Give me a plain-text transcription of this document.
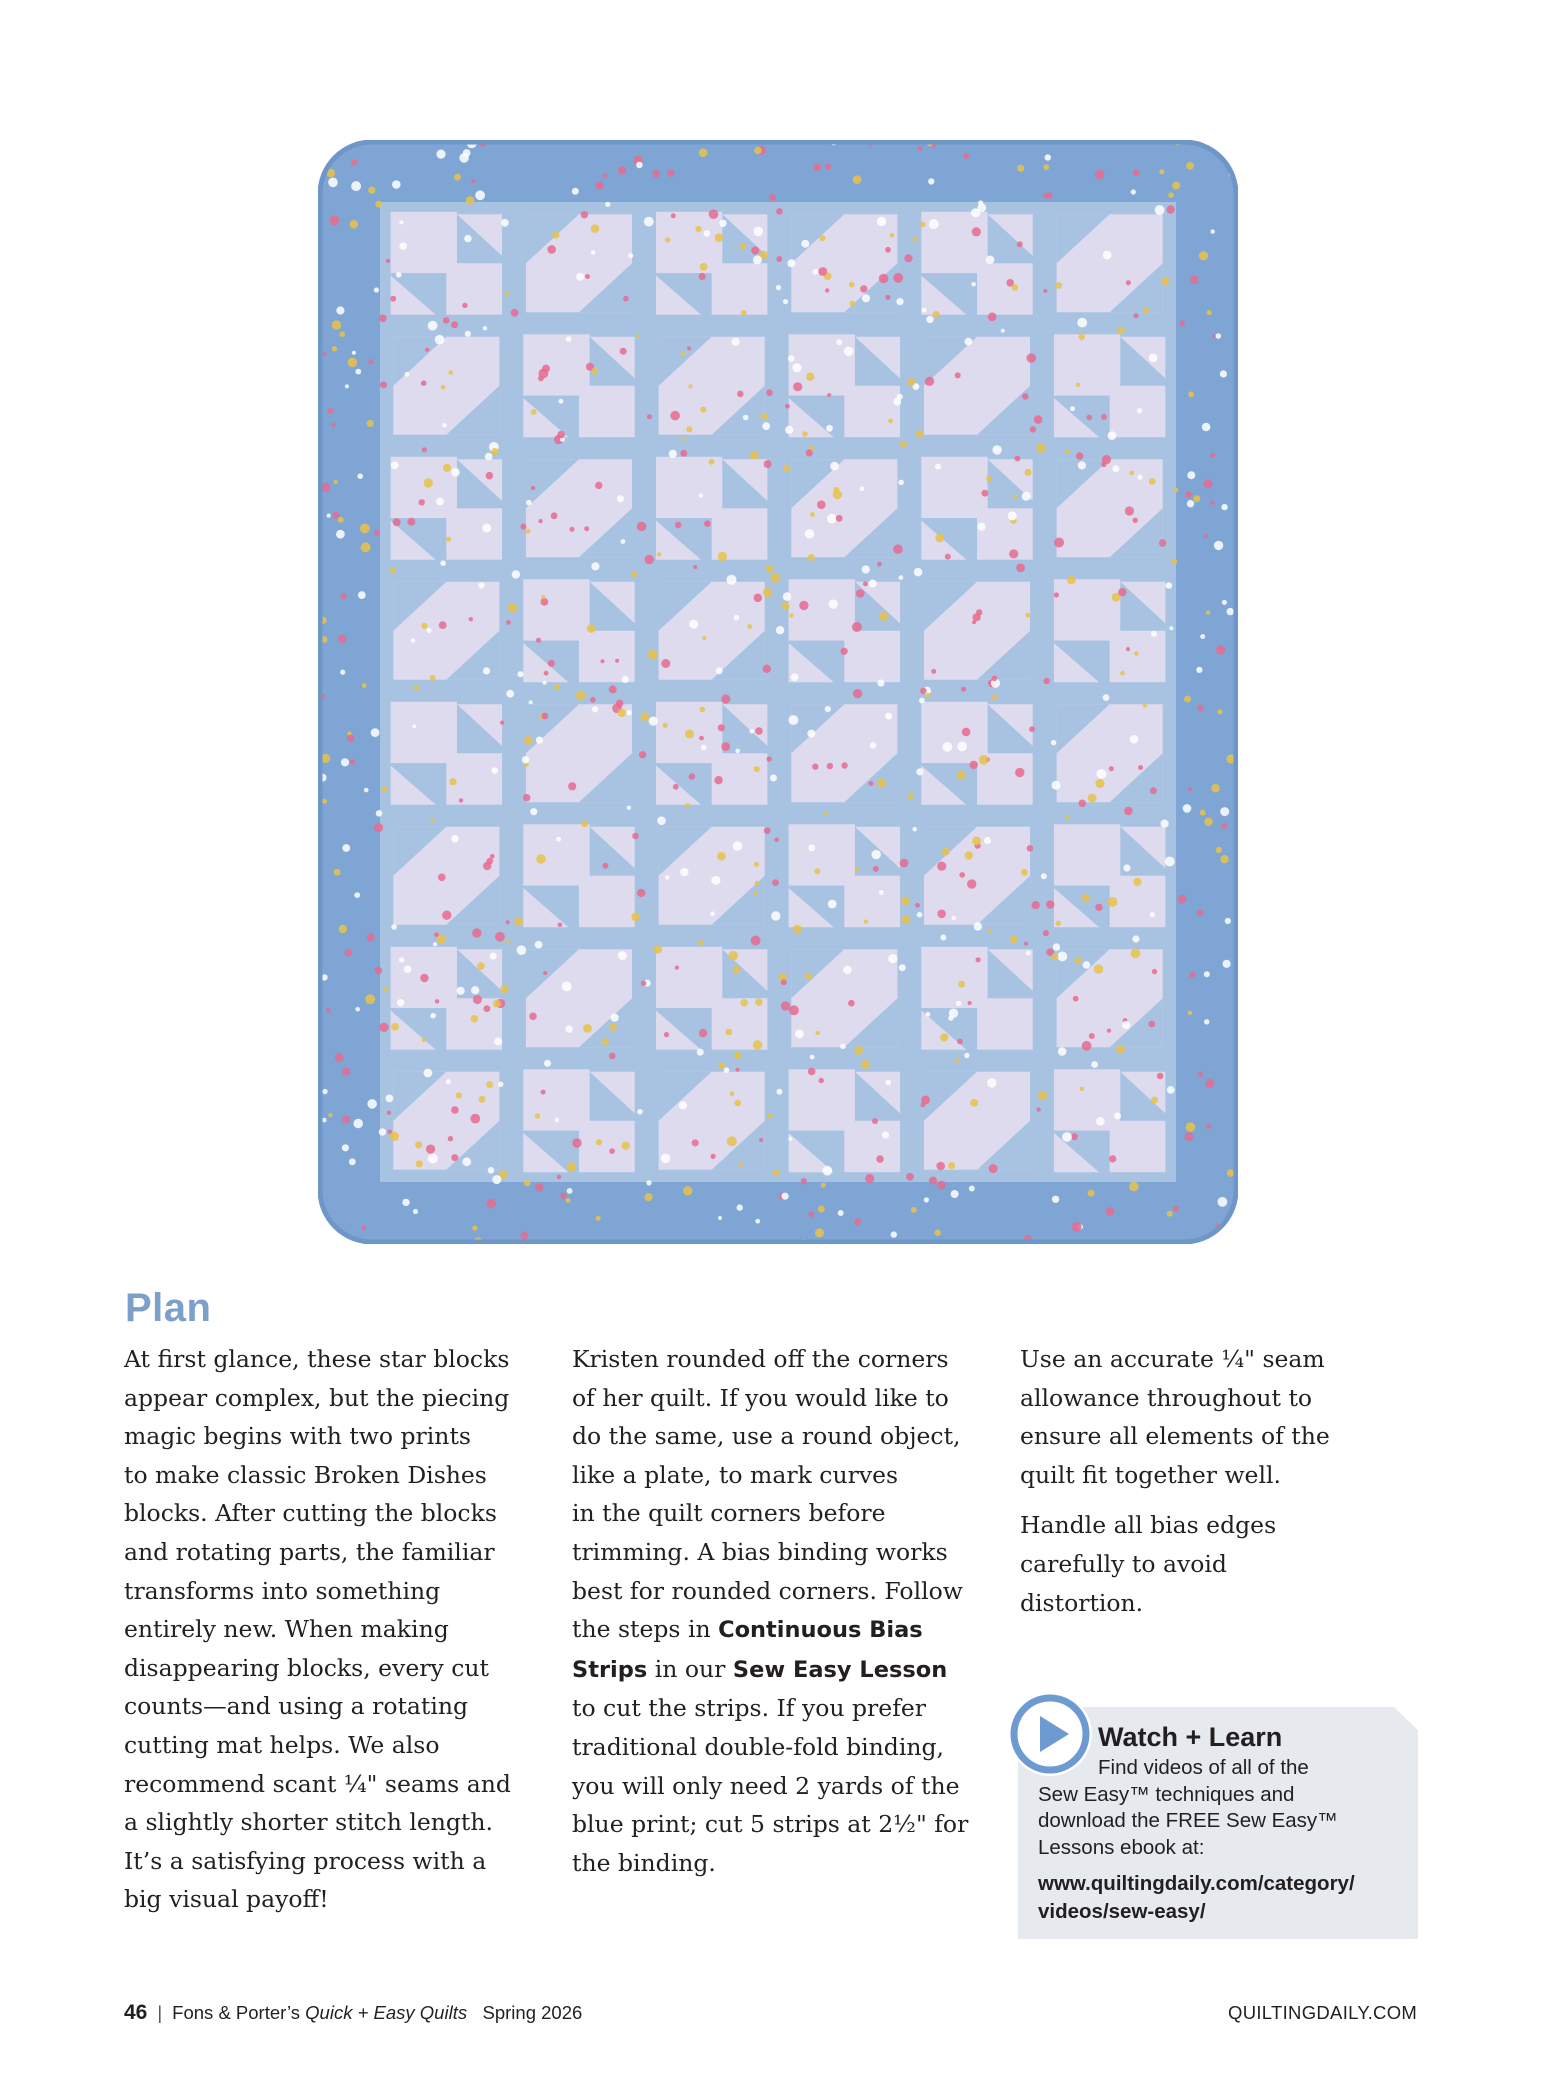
Plan

At first glance, these star blocks
appear complex, but the piecing
magic begins with two prints
to make classic Broken Dishes
blocks. After cutting the blocks
and rotating parts, the familiar
transforms into something
entirely new. When making
disappearing blocks, every cut
counts—and using a rotating
cutting mat helps. We also
recommend scant ¼" seams and
a slightly shorter stitch length.
It’s a satisfying process with a
big visual payoff!

Kristen rounded off the corners
of her quilt. If you would like to
do the same, use a round object,
like a plate, to mark curves
in the quilt corners before
trimming. A bias binding works
best for rounded corners. Follow
the steps in Continuous Bias
Strips in our Sew Easy Lesson
to cut the strips. If you prefer
traditional double-fold binding,
you will only need 2 yards of the
blue print; cut 5 strips at 2½" for
the binding.

Use an accurate ¼" seam
allowance throughout to
ensure all elements of the
quilt fit together well.

Handle all bias edges
carefully to avoid
distortion.

Watch + Learn
Find videos of all of the
Sew Easy™ techniques and
download the FREE Sew Easy™
Lessons ebook at:
www.quiltingdaily.com/category/
videos/sew-easy/
46 | Fons & Porter’s Quick + Easy Quilts Spring 2026	QUILTINGDAILY.COM
